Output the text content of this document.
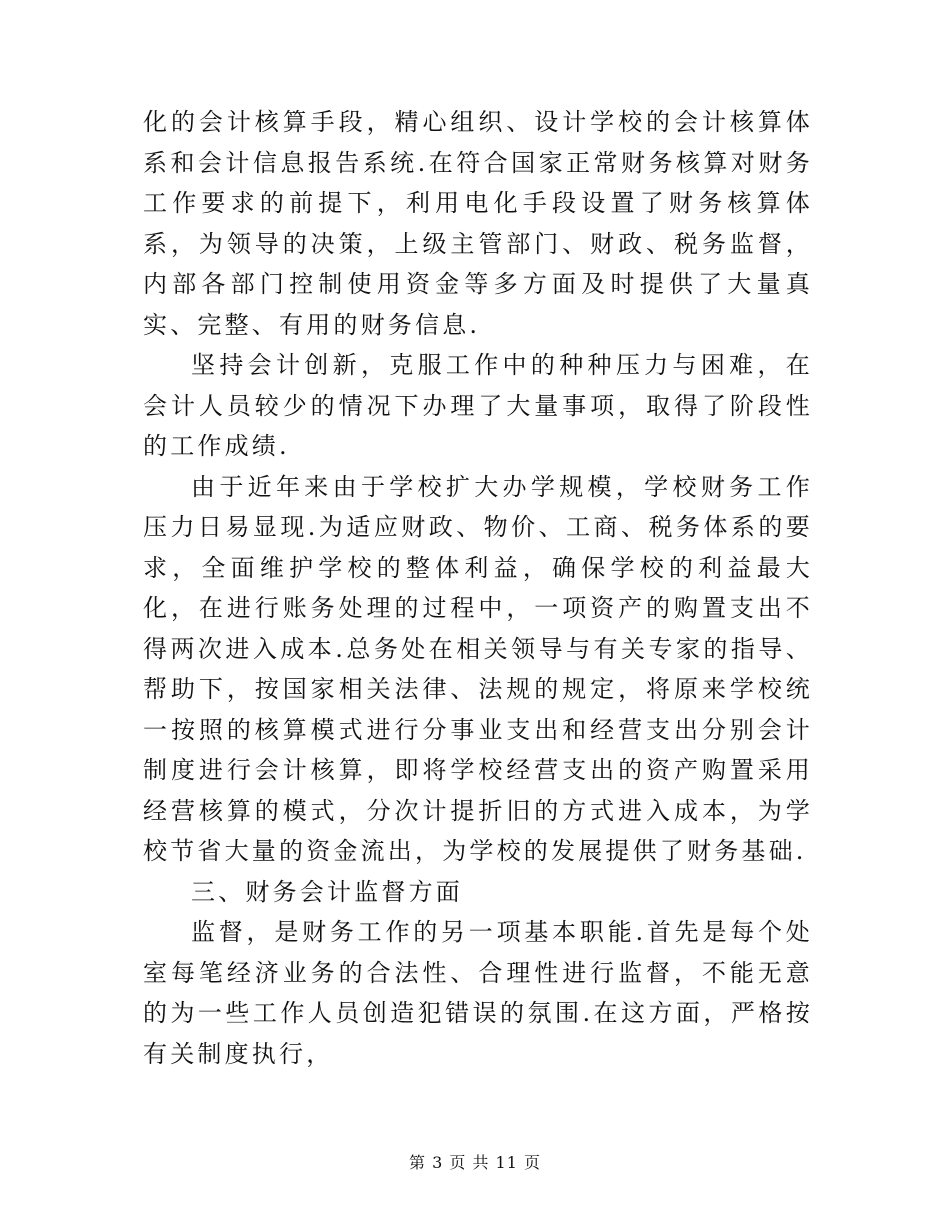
化的会计核算手段，精心组织、设计学校的会计核算体系和会计信息报告系统.在符合国家正常财务核算对财务工作要求的前提下，利用电化手段设置了财务核算体系，为领导的决策，上级主管部门、财政、税务监督，内部各部门控制使用资金等多方面及时提供了大量真实、完整、有用的财务信息.

坚持会计创新，克服工作中的种种压力与困难，在会计人员较少的情况下办理了大量事项，取得了阶段性的工作成绩.

由于近年来由于学校扩大办学规模，学校财务工作压力日易显现.为适应财政、物价、工商、税务体系的要求，全面维护学校的整体利益，确保学校的利益最大化，在进行账务处理的过程中，一项资产的购置支出不得两次进入成本.总务处在相关领导与有关专家的指导、帮助下，按国家相关法律、法规的规定，将原来学校统一按照的核算模式进行分事业支出和经营支出分别会计制度进行会计核算，即将学校经营支出的资产购置采用经营核算的模式，分次计提折旧的方式进入成本，为学校节省大量的资金流出，为学校的发展提供了财务基础.

三、财务会计监督方面

监督，是财务工作的另一项基本职能.首先是每个处室每笔经济业务的合法性、合理性进行监督，不能无意的为一些工作人员创造犯错误的氛围.在这方面，严格按有关制度执行，

第 3 页 共 11 页
